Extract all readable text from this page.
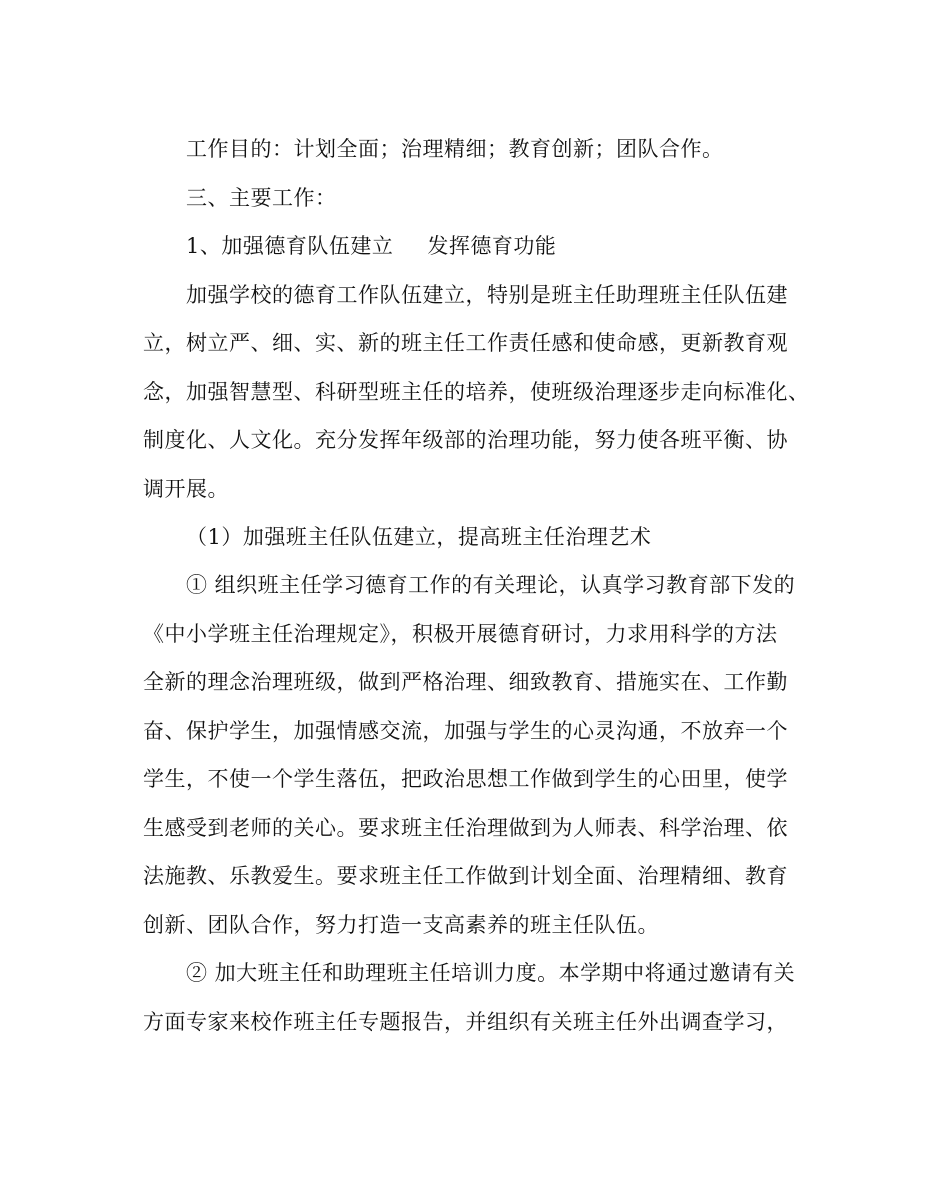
工作目的：计划全面；治理精细；教育创新；团队合作。
三、主要工作：
1、加强德育队伍建立 发挥德育功能
加强学校的德育工作队伍建立，特别是班主任助理班主任队伍建
立，树立严、细、实、新的班主任工作责任感和使命感，更新教育观
念，加强智慧型、科研型班主任的培养，使班级治理逐步走向标准化、
制度化、人文化。充分发挥年级部的治理功能，努力使各班平衡、协
调开展。
（1）加强班主任队伍建立，提高班主任治理艺术
① 组织班主任学习德育工作的有关理论，认真学习教育部下发的
《中小学班主任治理规定》，积极开展德育研讨，力求用科学的方法
全新的理念治理班级，做到严格治理、细致教育、措施实在、工作勤
奋、保护学生，加强情感交流，加强与学生的心灵沟通，不放弃一个
学生，不使一个学生落伍，把政治思想工作做到学生的心田里，使学
生感受到老师的关心。要求班主任治理做到为人师表、科学治理、依
法施教、乐教爱生。要求班主任工作做到计划全面、治理精细、教育
创新、团队合作，努力打造一支高素养的班主任队伍。
② 加大班主任和助理班主任培训力度。本学期中将通过邀请有关
方面专家来校作班主任专题报告，并组织有关班主任外出调查学习，
